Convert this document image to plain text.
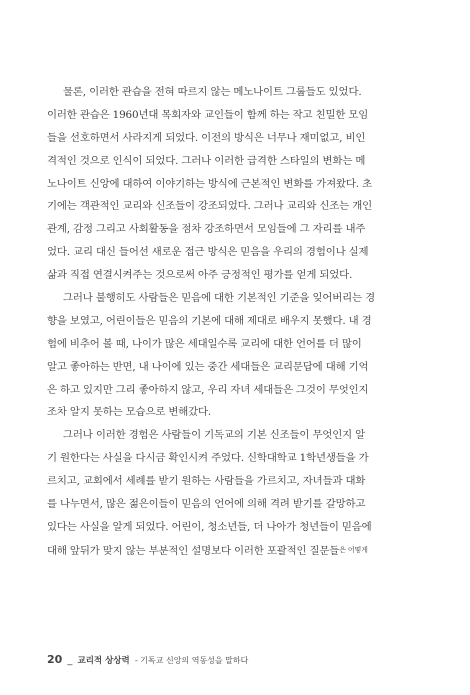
물론, 이러한 관습을 전혀 따르지 않는 메노나이트 그룹들도 있었다.
이러한 관습은 1960년대 목회자와 교인들이 함께 하는 작고 친밀한 모임
들을 선호하면서 사라지게 되었다. 이전의 방식은 너무나 재미없고, 비인
격적인 것으로 인식이 되었다. 그러나 이러한 급격한 스타일의 변화는 메
노나이트 신앙에 대하여 이야기하는 방식에 근본적인 변화를 가져왔다. 초
기에는 객관적인 교리와 신조들이 강조되었다. 그러나 교리와 신조는 개인
관계, 감정 그리고 사회활동을 점차 강조하면서 모임들에 그 자리를 내주
었다. 교리 대신 들어선 새로운 접근 방식은 믿음을 우리의 경험이나 실제
삶과 직접 연결시켜주는 것으로써 아주 긍정적인 평가를 얻게 되었다.
그러나 불행히도 사람들은 믿음에 대한 기본적인 기준을 잊어버리는 경
향을 보였고, 어린이들은 믿음의 기본에 대해 제대로 배우지 못했다. 내 경
험에 비추어 볼 때, 나이가 많은 세대일수록 교리에 대한 언어를 더 많이
알고 좋아하는 반면, 내 나이에 있는 중간 세대들은 교리문답에 대해 기억
은 하고 있지만 그리 좋아하지 않고, 우리 자녀 세대들은 그것이 무엇인지
조차 알지 못하는 모습으로 변해갔다.
그러나 이러한 경험은 사람들이 기독교의 기본 신조들이 무엇인지 알
기 원한다는 사실을 다시금 확인시켜 주었다. 신학대학교 1학년생들을 가
르치고, 교회에서 세례를 받기 원하는 사람들을 가르치고, 자녀들과 대화
를 나누면서, 많은 젊은이들이 믿음의 언어에 의해 격려 받기를 갈망하고
있다는 사실을 알게 되었다. 어린이, 청소년들, 더 나아가 청년들이 믿음에
대해 앞뒤가 맞지 않는 부분적인 설명보다 이러한 포괄적인 질문들은 어떻게
20 _ 교리적 상상력 - 기독교 신앙의 역동성을 말하다
